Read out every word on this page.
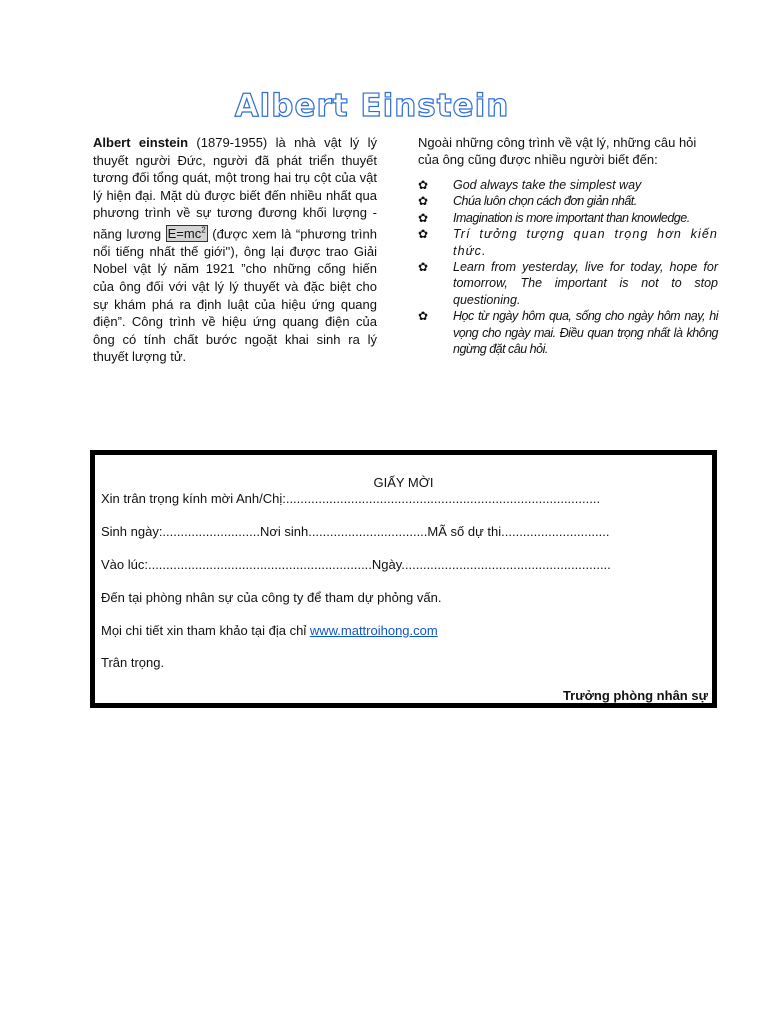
Albert Einstein
Albert einstein (1879-1955) là nhà vật lý lý thuyết người Đức, người đã phát triển thuyết tương đối tổng quát, một trong hai trụ cột của vật lý hiện đại. Mặt dù được biết đến nhiều nhất qua phương trình về sự tương đương khối lượng - năng lương $E=mc^2$ (được xem là “phương trình nổi tiếng nhất thế giới''), ông lại được trao Giải Nobel vật lý năm 1921 ”cho những cống hiến của ông đối với vật lý lý thuyết và đặc biệt cho sự khám phá ra định luật của hiệu ứng quang điện”. Công trình về hiệu ứng quang điện của ông có tính chất bước ngoặt khai sinh ra lý thuyết lượng tử.
Ngoài những công trình về vật lý, những câu hỏi của ông cũng được nhiều người biết đến:
✿ God always take the simplest way
✿ Chúa luôn chọn cách đơn giản nhất.
✿ Imagination is more important than knowledge.
✿ Trí tưởng tượng quan trọng hơn kiến thức.
✿ Learn from yesterday, live for today, hope for tomorrow, The important is not to stop questioning.
✿ Học từ ngày hôm qua, sống cho ngày hôm nay, hi vọng cho ngày mai. Điều quan trọng nhất là không ngừng đặt câu hỏi.
GIẤY MỜI
Xin trân trọng kính mời Anh/Chị:.......................................................................................
Sinh ngày:...........................Nơi sinh.................................MÃ số dự thi..............................
Vào lúc:..............................................................Ngày..........................................................
Đến tại phòng nhân sự của công ty để tham dự phỏng vấn.
Mọi chi tiết xin tham khảo tại địa chỉ www.mattroihong.com
Trân trọng.
Trưởng phòng nhân sự
